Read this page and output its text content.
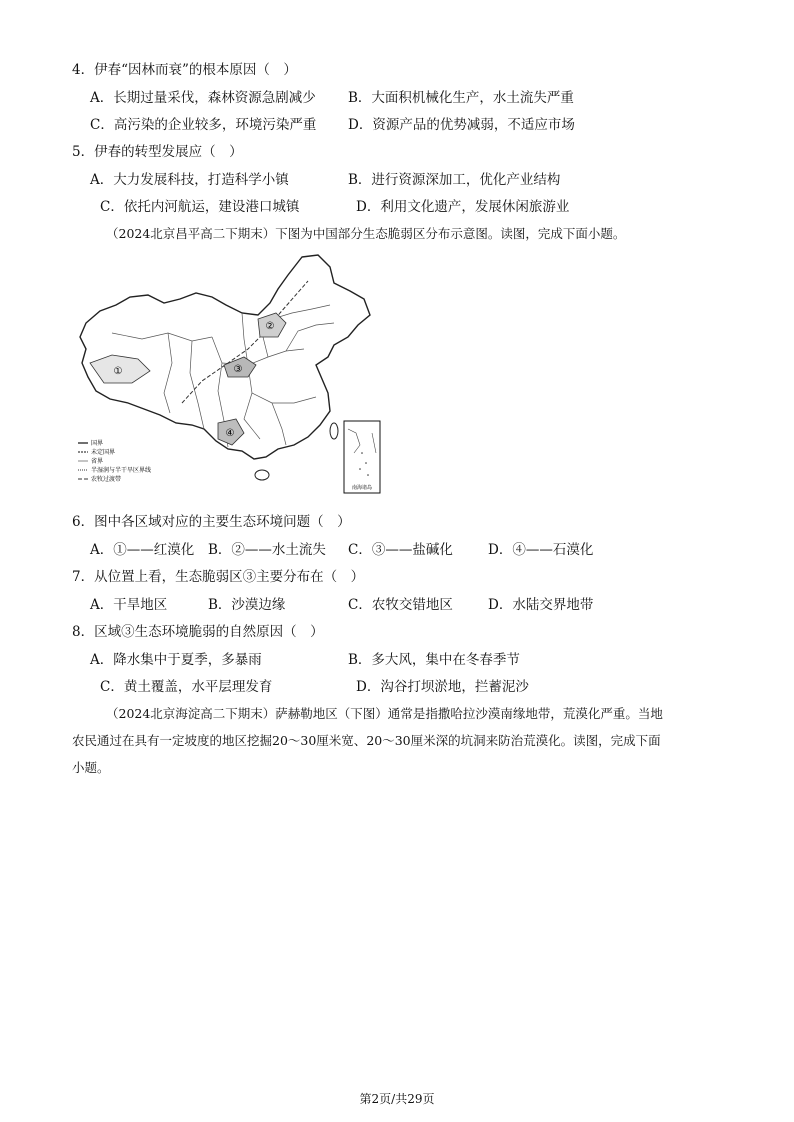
4．伊春“因林而衰”的根本原因（　）
A．长期过量采伐，森林资源急剧减少 B．大面积机械化生产，水土流失严重
C．高污染的企业较多，环境污染严重 D．资源产品的优势减弱，不适应市场
5．伊春的转型发展应（　）
A．大力发展科技，打造科学小镇	B．进行资源深加工，优化产业结构
C．依托内河航运，建设港口城镇	D．利用文化遗产，发展休闲旅游业
（2024北京昌平高二下期末）下图为中国部分生态脆弱区分布示意图。读图，完成下面小题。
①
②
③
④
国界
未定国界
省界
半湿润与半干旱区界线
农牧过渡带
南海诸岛
6．图中各区域对应的主要生态环境问题（　）
A．①——红漠化 B．②——水土流失 C．③——盐碱化	D．④——石漠化
7．从位置上看，生态脆弱区③主要分布在（　）
A．干旱地区	B．沙漠边缘	C．农牧交错地区	D．水陆交界地带
8．区域③生态环境脆弱的自然原因（　）
A．降水集中于夏季，多暴雨	B．多大风，集中在冬春季节
C．黄土覆盖，水平层理发育	D．沟谷打坝淤地，拦蓄泥沙
（2024北京海淀高二下期末）萨赫勒地区（下图）通常是指撒哈拉沙漠南缘地带，荒漠化严重。当地
农民通过在具有一定坡度的地区挖掘20～30厘米宽、20～30厘米深的坑洞来防治荒漠化。读图，完成下面
小题。
第2页/共29页
